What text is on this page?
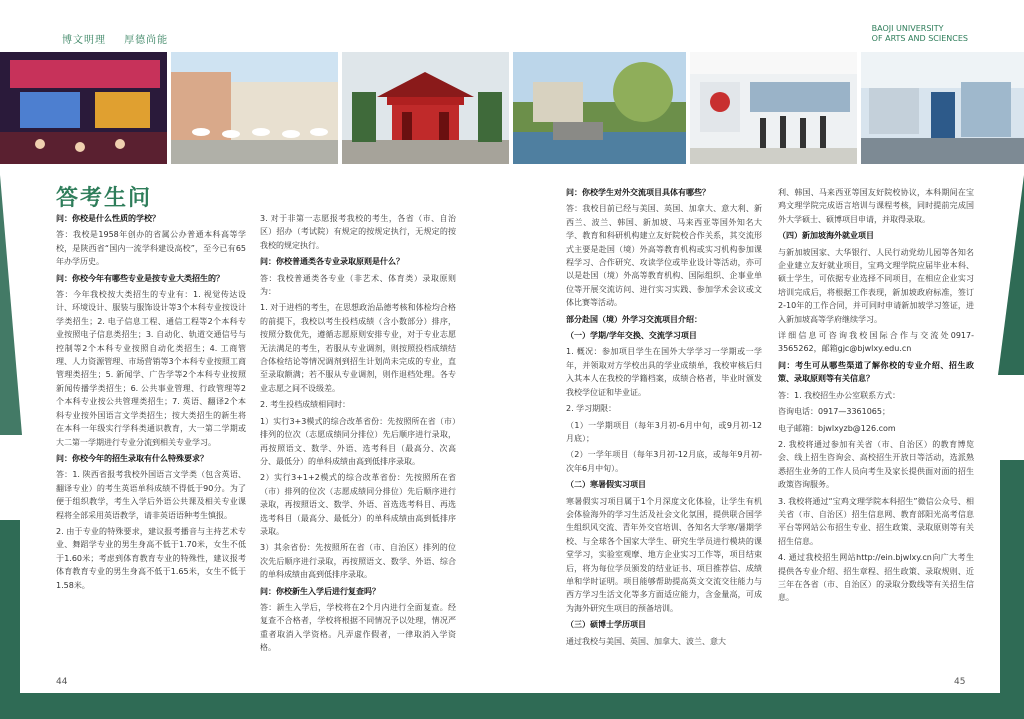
博文明理 厚德尚能
BAOJI UNIVERSITY
OF ARTS AND SCIENCES
答考生问

问：你校是什么性质的学校？

答：我校是1958年创办的省属公办普通本科高等学校，是陕西省“国内一流学科建设高校”，至今已有65年办学历史。

问：你校今年有哪些专业是按专业大类招生的？

答：今年我校按大类招生的专业有：1. 视觉传达设计、环境设计、服装与服饰设计等3个本科专业按设计学类招生；2. 电子信息工程、通信工程等2个本科专业按照电子信息类招生；3. 自动化、轨道交通信号与控制等2个本科专业按照自动化类招生；4. 工商管理、人力资源管理、市场营销等3个本科专业按照工商管理类招生；5. 新闻学、广告学等2个本科专业按照新闻传播学类招生；6. 公共事业管理、行政管理等2个本科专业按公共管理类招生；7. 英语、翻译2个本科专业按外国语言文学类招生；按大类招生的新生将在本科一年级实行学科类通识教育，大一第二学期或大二第一学期进行专业分流到相关专业学习。

问：你校今年的招生录取有什么特殊要求？

答：1. 陕西省报考我校外国语言文学类（包含英语、翻译专业）的考生英语单科成绩不得低于90分。为了便于组织教学，考生入学后外语公共课及相关专业课程将全部采用英语教学，请非英语语种考生慎报。

2. 由于专业的特殊要求，建议报考播音与主持艺术专业、舞蹈学专业的男生身高不低于1.70米，女生不低于1.60米；考虑到体育教育专业的特殊性，建议报考体育教育专业的男生身高不低于1.65米，女生不低于1.58米。

3. 对于非第一志愿报考我校的考生，各省（市、自治区）招办（考试院）有规定的按规定执行，无规定的按我校的规定执行。

问：你校普通类各专业录取原则是什么？

答：我校普通类各专业（非艺术、体育类）录取原则为：

1. 对于进档的考生，在思想政治品德考核和体检均合格的前提下，我校以考生投档成绩（含小数部分）排序，按照分数优先，遵循志愿原则安排专业，对于专业志愿无法满足的考生，若服从专业调剂，则按照投档成绩结合体检结论等情况调剂到招生计划尚未完成的专业，直至录取额满；若不服从专业调剂，则作退档处理。各专业志愿之间不设级差。

2. 考生投档成绩相同时：

1）实行3+3模式的综合改革省份：先按照所在省（市）排列的位次（志愿成绩同分排位）先后顺序进行录取，再按照语文、数学、外语、选考科目（最高分、次高分、最低分）的单科成绩由高到低排序录取。

2）实行3+1+2模式的综合改革省份：先按照所在省（市）排列的位次（志愿成绩同分排位）先后顺序进行录取，再按照语文、数学、外语、首选选考科目、再选选考科目（最高分、最低分）的单科成绩由高到低排序录取。

3）其余省份：先按照所在省（市、自治区）排列的位次先后顺序进行录取，再按照语文、数学、外语、综合的单科成绩由高到低排序录取。

问：你校新生入学后进行复查吗？

答：新生入学后，学校将在2个月内进行全面复查。经复查不合格者，学校将根据不同情况予以处理，情况严重者取消入学资格。凡弄虚作假者，一律取消入学资格。

问：你校学生对外交流项目具体有哪些？

答：我校目前已经与美国、英国、加拿大、意大利、新西兰、波兰、韩国、新加坡、马来西亚等国外知名大学、教育和科研机构建立友好院校合作关系，其交流形式主要是赴国（境）外高等教育机构或实习机构参加课程学习、合作研究、攻读学位或毕业设计等活动，亦可以是赴国（境）外高等教育机构、国际组织、企事业单位等开展交流访问、进行实习实践、参加学术会议或文体比赛等活动。

部分赴国（境）外学习交流项目介绍：

（一）学期/学年交换、交流学习项目

1. 概况：参加项目学生在国外大学学习一学期或一学年，并领取对方学校出具的学业成绩单，我校审核后归入其本人在我校的学籍档案，成绩合格者，毕业时颁发我校学位证和毕业证。

2. 学习期限：

（1）一学期项目（每年3月初-6月中旬，或9月初-12月底）；

（2）一学年项目（每年3月初-12月底，或每年9月初-次年6月中旬）。

（二）寒暑假实习项目

寒暑假实习项目属于1个月深度文化体验，让学生有机会体验海外的学习生活及社会文化氛围，提供联合国学生组织风交流、青年外交官培训、各知名大学寒/暑期学校、与全球各个国家大学生、研究生学员进行模块的课堂学习，实验室观摩、地方企业实习工作等，项目结束后，将为每位学员颁发的结业证书、项目推荐信、成绩单和学时证明。项目能够帮助提高英文交流交往能力与西方学习生活文化等多方面适应能力，含金量高，可成为海外研究生项目的预备培训。

（三）硕博士学历项目

通过我校与美国、英国、加拿大、波兰、意大

利、韩国、马来西亚等国友好院校协议，本科期间在宝鸡文理学院完成语言培训与课程考核，同时提前完成国外大学硕士、硕博项目申请，并取得录取。

（四）新加坡海外就业项目

与新加坡国家、大华银行、人民行动党幼儿园等各知名企业建立友好就业项目，宝鸡文理学院应届毕业本科、硕士学生，可依据专业选择不同项目，在相应企业实习培训完成后，将根据工作表现，新加坡政府标准，签订2-10年的工作合同，并可同时申请新加坡学习签证，进入新加坡高等学府继续学习。

详细信息可咨询我校国际合作与交流处0917-3565262，邮箱gjc@bjwlxy.edu.cn

问：考生可从哪些渠道了解你校的专业介绍、招生政策、录取原则等有关信息？

答：1. 我校招生办公室联系方式：

咨询电话：0917—3361065；

电子邮箱：bjwlxyzb@126.com

2. 我校将通过参加有关省（市、自治区）的教育博览会、线上招生咨询会、高校招生开放日等活动，选派熟悉招生业务的工作人员向考生及家长提供面对面的招生政策咨询服务。

3. 我校将通过“宝鸡文理学院本科招生”微信公众号、相关省（市、自治区）招生信息网、教育部阳光高考信息平台等网站公布招生专业、招生政策、录取原则等有关招生信息。

4. 通过我校招生网站http://ein.bjwlxy.cn向广大考生提供各专业介绍、招生章程、招生政策、录取规则、近三年在各省（市、自治区）的录取分数线等有关招生信息。

44	45
